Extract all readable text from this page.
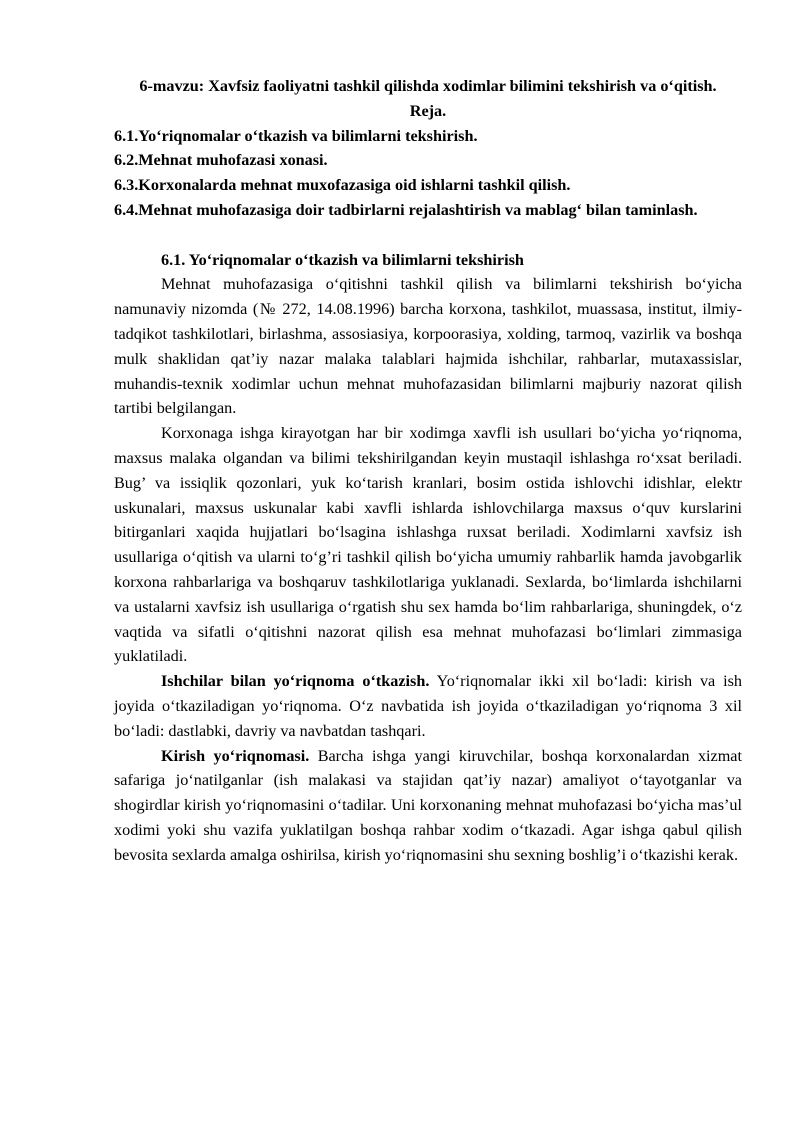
6-mavzu: Xavfsiz faoliyatni tashkil qilishda xodimlar bilimini tekshirish va o‘qitish.
Reja.
6.1.Yo‘riqnomalar o‘tkazish va bilimlarni tekshirish.
6.2.Mehnat muhofazasi xonasi.
6.3.Korxonalarda mehnat muxofazasiga oid ishlarni tashkil qilish.
6.4.Mehnat muhofazasiga doir tadbirlarni rejalashtirish va mablag‘ bilan taminlash.
6.1. Yo‘riqnomalar o‘tkazish va bilimlarni tekshirish

Mehnat muhofazasiga o‘qitishni tashkil qilish va bilimlarni tekshirish bo‘yicha namunaviy nizomda (№ 272, 14.08.1996) barcha korxona, tashkilot, muassasa, institut, ilmiy-tadqikot tashkilotlari, birlashma, assosiasiya, korpoorasiya, xolding, tarmoq, vazirlik va boshqa mulk shaklidan qat’iy nazar malaka talablari hajmida ishchilar, rahbarlar, mutaxassislar, muhandis-texnik xodimlar uchun mehnat muhofazasidan bilimlarni majburiy nazorat qilish tartibi belgilangan.

Korxonaga ishga kirayotgan har bir xodimga xavfli ish usullari bo‘yicha yo‘riqnoma, maxsus malaka olgandan va bilimi tekshirilgandan keyin mustaqil ishlashga ro‘xsat beriladi. Bug’ va issiqlik qozonlari, yuk ko‘tarish kranlari, bosim ostida ishlovchi idishlar, elektr uskunalari, maxsus uskunalar kabi xavfli ishlarda ishlovchilarga maxsus o‘quv kurslarini bitirganlari xaqida hujjatlari bo‘lsagina ishlashga ruxsat beriladi. Xodimlarni xavfsiz ish usullariga o‘qitish va ularni to‘g’ri tashkil qilish bo‘yicha umumiy rahbarlik hamda javobgarlik korxona rahbarlariga va boshqaruv tashkilotlariga yuklanadi. Sexlarda, bo‘limlarda ishchilarni va ustalarni xavfsiz ish usullariga o‘rgatish shu sex hamda bo‘lim rahbarlariga, shuningdek, o‘z vaqtida va sifatli o‘qitishni nazorat qilish esa mehnat muhofazasi bo‘limlari zimmasiga yuklatiladi.

Ishchilar bilan yo‘riqnoma o‘tkazish. Yo‘riqnomalar ikki xil bo‘ladi: kirish va ish joyida o‘tkaziladigan yo‘riqnoma. O‘z navbatida ish joyida o‘tkaziladigan yo‘riqnoma 3 xil bo‘ladi: dastlabki, davriy va navbatdan tashqari.

Kirish yo‘riqnomasi. Barcha ishga yangi kiruvchilar, boshqa korxonalardan xizmat safariga jo‘natilganlar (ish malakasi va stajidan qat’iy nazar) amaliyot o‘tayotganlar va shogirdlar kirish yo‘riqnomasini o‘tadilar. Uni korxonaning mehnat muhofazasi bo‘yicha mas’ul xodimi yoki shu vazifa yuklatilgan boshqa rahbar xodim o‘tkazadi. Agar ishga qabul qilish bevosita sexlarda amalga oshirilsa, kirish yo‘riqnomasini shu sexning boshlig’i o‘tkazishi kerak.
